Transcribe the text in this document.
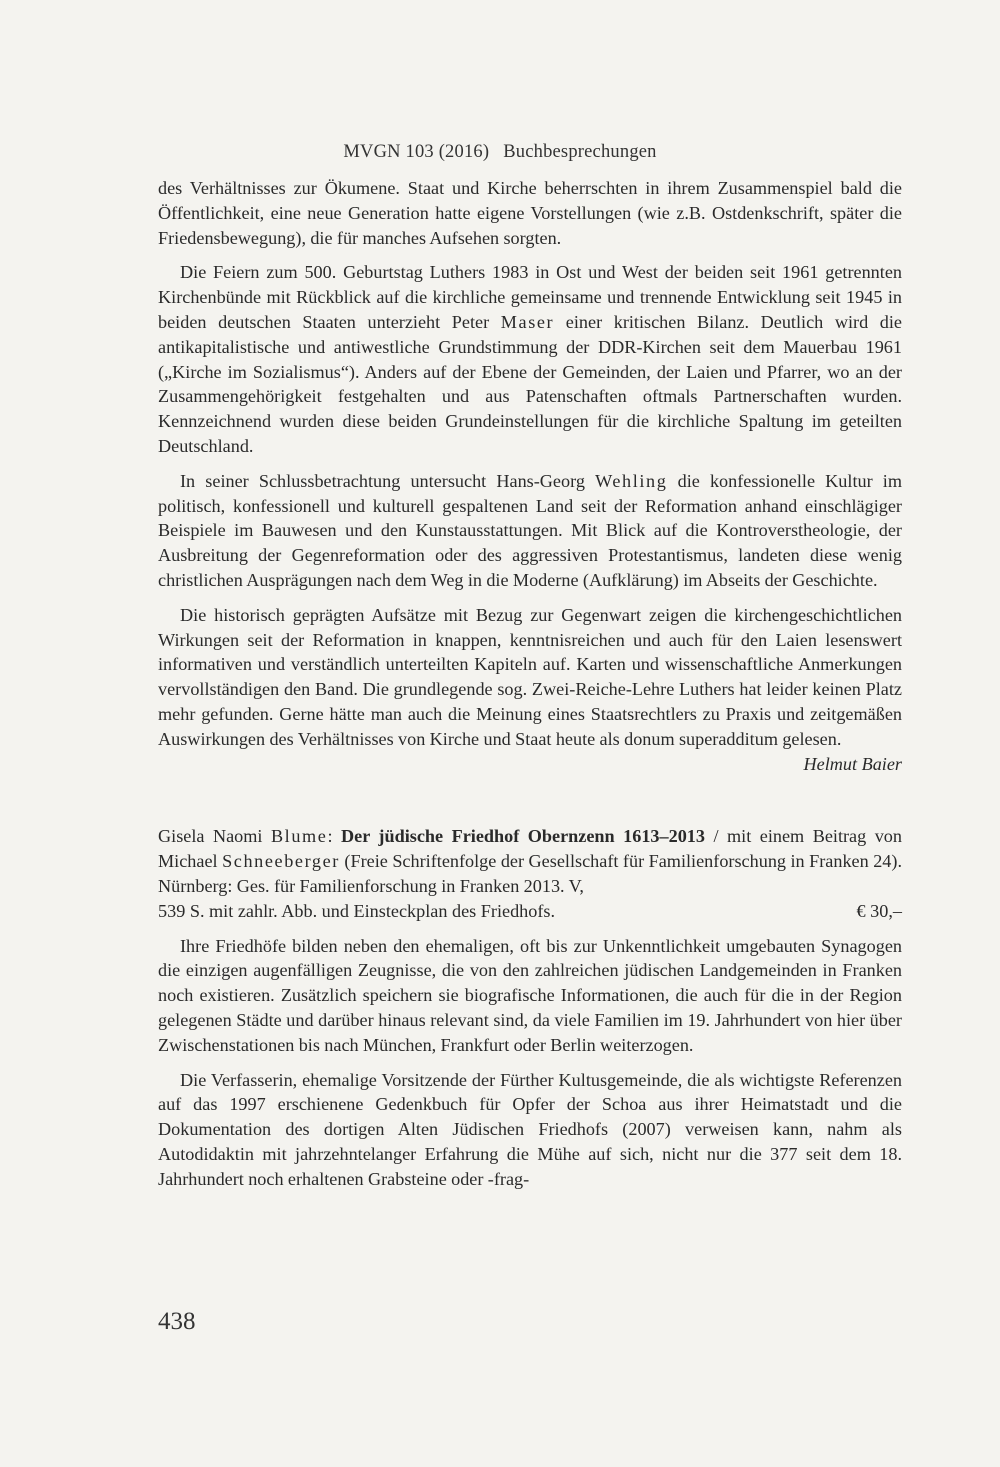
MVGN 103 (2016) Buchbesprechungen

des Verhältnisses zur Ökumene. Staat und Kirche beherrschten in ihrem Zusammenspiel bald die Öffentlichkeit, eine neue Generation hatte eigene Vorstellungen (wie z.B. Ostdenkschrift, später die Friedensbewegung), die für manches Aufsehen sorgten.

Die Feiern zum 500. Geburtstag Luthers 1983 in Ost und West der beiden seit 1961 getrennten Kirchenbünde mit Rückblick auf die kirchliche gemeinsame und trennende Entwicklung seit 1945 in beiden deutschen Staaten unterzieht Peter Maser einer kritischen Bilanz. Deutlich wird die antikapitalistische und antiwestliche Grundstimmung der DDR-Kirchen seit dem Mauerbau 1961 („Kirche im Sozialismus“). Anders auf der Ebene der Gemeinden, der Laien und Pfarrer, wo an der Zusammengehörigkeit festgehalten und aus Patenschaften oftmals Partnerschaften wurden. Kennzeichnend wurden diese beiden Grundeinstellungen für die kirchliche Spaltung im geteilten Deutschland.

In seiner Schlussbetrachtung untersucht Hans-Georg Wehling die konfessionelle Kultur im politisch, konfessionell und kulturell gespaltenen Land seit der Reformation anhand einschlägiger Beispiele im Bauwesen und den Kunstausstattungen. Mit Blick auf die Kontroverstheologie, der Ausbreitung der Gegenreformation oder des aggressiven Protestantismus, landeten diese wenig christlichen Ausprägungen nach dem Weg in die Moderne (Aufklärung) im Abseits der Geschichte.

Die historisch geprägten Aufsätze mit Bezug zur Gegenwart zeigen die kirchengeschichtlichen Wirkungen seit der Reformation in knappen, kenntnisreichen und auch für den Laien lesenswert informativen und verständlich unterteilten Kapiteln auf. Karten und wissenschaftliche Anmerkungen vervollständigen den Band. Die grundlegende sog. Zwei-Reiche-Lehre Luthers hat leider keinen Platz mehr gefunden. Gerne hätte man auch die Meinung eines Staatsrechtlers zu Praxis und zeitgemäßen Auswirkungen des Verhältnisses von Kirche und Staat heute als donum superadditum gelesen.

Helmut Baier

Gisela Naomi Blume: Der jüdische Friedhof Obernzenn 1613–2013 / mit einem Beitrag von Michael Schneeberger (Freie Schriftenfolge der Gesellschaft für Familienforschung in Franken 24). Nürnberg: Ges. für Familienforschung in Franken 2013. V,

539 S. mit zahlr. Abb. und Einsteckplan des Friedhofs.	€ 30,–

Ihre Friedhöfe bilden neben den ehemaligen, oft bis zur Unkenntlichkeit umgebauten Synagogen die einzigen augenfälligen Zeugnisse, die von den zahlreichen jüdischen Landgemeinden in Franken noch existieren. Zusätzlich speichern sie biografische Informationen, die auch für die in der Region gelegenen Städte und darüber hinaus relevant sind, da viele Familien im 19. Jahrhundert von hier über Zwischenstationen bis nach München, Frankfurt oder Berlin weiterzogen.

Die Verfasserin, ehemalige Vorsitzende der Fürther Kultusgemeinde, die als wichtigste Referenzen auf das 1997 erschienene Gedenkbuch für Opfer der Schoa aus ihrer Heimatstadt und die Dokumentation des dortigen Alten Jüdischen Friedhofs (2007) verweisen kann, nahm als Autodidaktin mit jahrzehntelanger Erfahrung die Mühe auf sich, nicht nur die 377 seit dem 18. Jahrhundert noch erhaltenen Grabsteine oder -frag-

438
